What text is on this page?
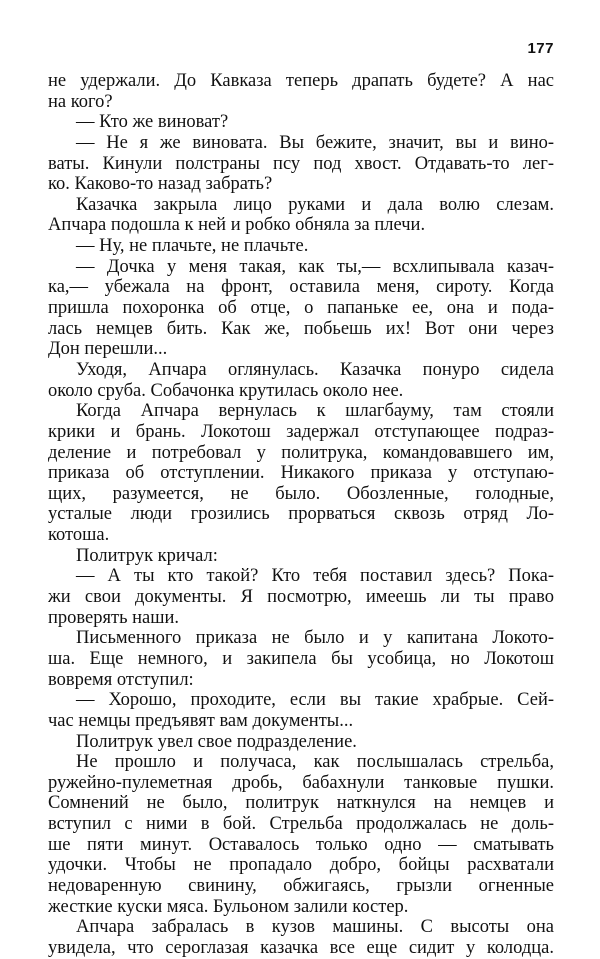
177
не удержали. До Кавказа теперь драпать будете? А нас
на кого?
— Кто же виноват?
— Не я же виновата. Вы бежите, значит, вы и вино-
ваты. Кинули полстраны псу под хвост. Отдавать-то лег-
ко. Каково-то назад забрать?
Казачка закрыла лицо руками и дала волю слезам.
Апчара подошла к ней и робко обняла за плечи.
— Ну, не плачьте, не плачьте.
— Дочка у меня такая, как ты,— всхлипывала казач-
ка,— убежала на фронт, оставила меня, сироту. Когда
пришла похоронка об отце, о папаньке ее, она и пода-
лась немцев бить. Как же, побьешь их! Вот они через
Дон перешли...
Уходя, Апчара оглянулась. Казачка понуро сидела
около сруба. Собачонка крутилась около нее.
Когда Апчара вернулась к шлагбауму, там стояли
крики и брань. Локотош задержал отступающее подраз-
деление и потребовал у политрука, командовавшего им,
приказа об отступлении. Никакого приказа у отступаю-
щих, разумеется, не было. Обозленные, голодные,
усталые люди грозились прорваться сквозь отряд Ло-
котоша.
Политрук кричал:
— А ты кто такой? Кто тебя поставил здесь? Пока-
жи свои документы. Я посмотрю, имеешь ли ты право
проверять наши.
Письменного приказа не было и у капитана Локото-
ша. Еще немного, и закипела бы усобица, но Локотош
вовремя отступил:
— Хорошо, проходите, если вы такие храбрые. Сей-
час немцы предъявят вам документы...
Политрук увел свое подразделение.
Не прошло и получаса, как послышалась стрельба,
ружейно-пулеметная дробь, бабахнули танковые пушки.
Сомнений не было, политрук наткнулся на немцев и
вступил с ними в бой. Стрельба продолжалась не доль-
ше пяти минут. Оставалось только одно — сматывать
удочки. Чтобы не пропадало добро, бойцы расхватали
недоваренную свинину, обжигаясь, грызли огненные
жесткие куски мяса. Бульоном залили костер.
Апчара забралась в кузов машины. С высоты она
увидела, что сероглазая казачка все еще сидит у колодца.
